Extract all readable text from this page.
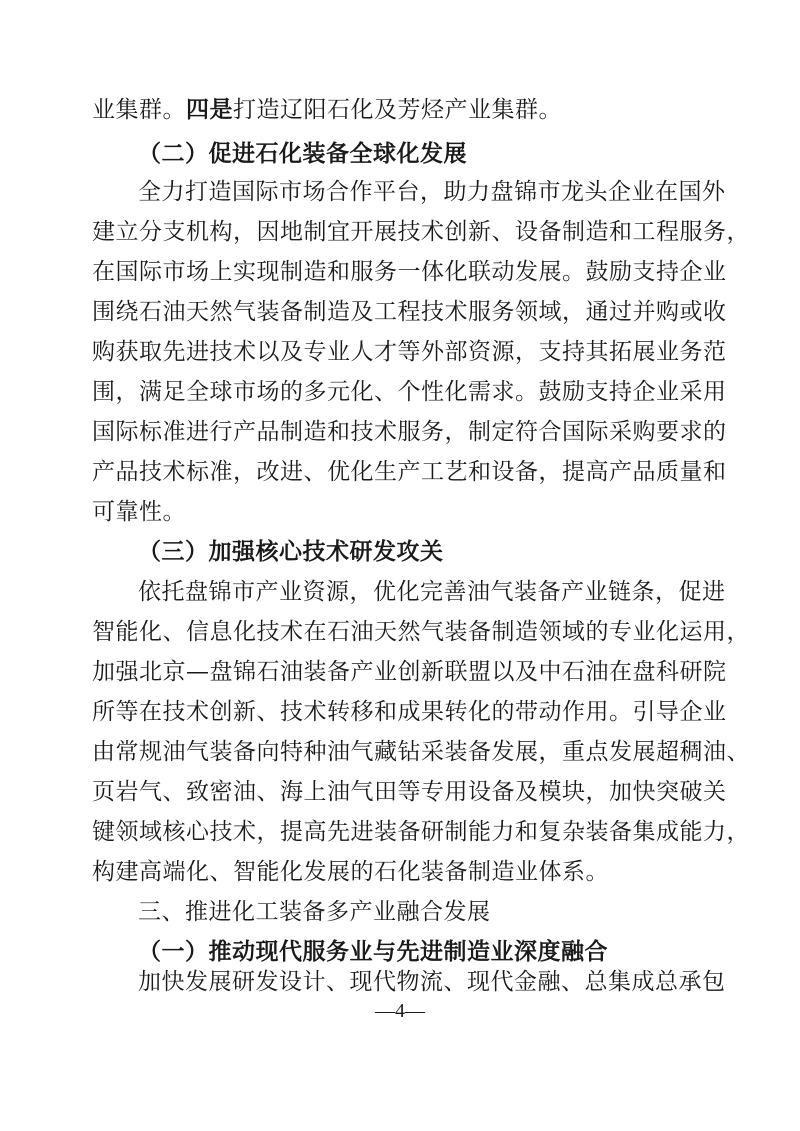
业集群。四是打造辽阳石化及芳烃产业集群。
（二）促进石化装备全球化发展
全力打造国际市场合作平台，助力盘锦市龙头企业在国外
建立分支机构，因地制宜开展技术创新、设备制造和工程服务，
在国际市场上实现制造和服务一体化联动发展。鼓励支持企业
围绕石油天然气装备制造及工程技术服务领域，通过并购或收
购获取先进技术以及专业人才等外部资源，支持其拓展业务范
围，满足全球市场的多元化、个性化需求。鼓励支持企业采用
国际标准进行产品制造和技术服务，制定符合国际采购要求的
产品技术标准，改进、优化生产工艺和设备，提高产品质量和
可靠性。
（三）加强核心技术研发攻关
依托盘锦市产业资源，优化完善油气装备产业链条，促进
智能化、信息化技术在石油天然气装备制造领域的专业化运用，
加强北京—盘锦石油装备产业创新联盟以及中石油在盘科研院
所等在技术创新、技术转移和成果转化的带动作用。引导企业
由常规油气装备向特种油气藏钻采装备发展，重点发展超稠油、
页岩气、致密油、海上油气田等专用设备及模块，加快突破关
键领域核心技术，提高先进装备研制能力和复杂装备集成能力，
构建高端化、智能化发展的石化装备制造业体系。
三、推进化工装备多产业融合发展
（一）推动现代服务业与先进制造业深度融合
加快发展研发设计、现代物流、现代金融、总集成总承包
—4—
